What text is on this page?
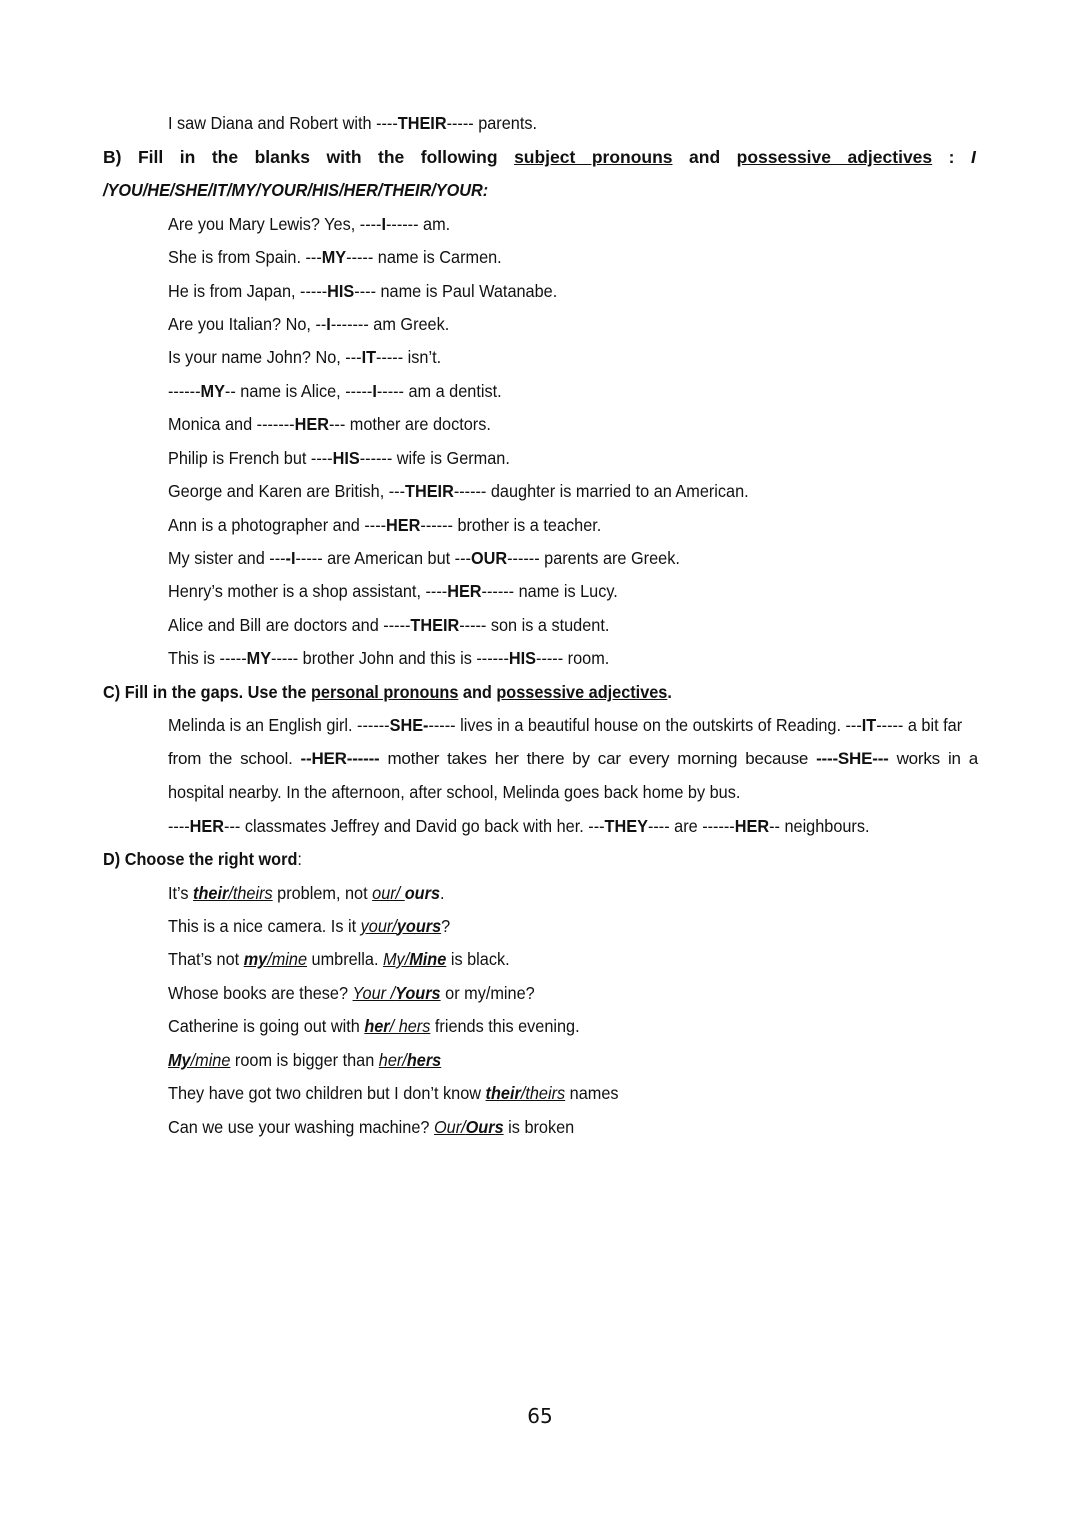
I saw Diana and Robert with ----THEIR----- parents.
B) Fill in the blanks with the following subject pronouns and possessive adjectives : I
/YOU/HE/SHE/IT/MY/YOUR/HIS/HER/THEIR/YOUR:
Are you Mary Lewis? Yes, ----I------ am.
She is from Spain. ---MY----- name is Carmen.
He is from Japan, -----HIS---- name is Paul Watanabe.
Are you Italian? No, --I------- am Greek.
Is your name John? No, ---IT----- isn’t.
------MY-- name is Alice, -----I----- am a dentist.
Monica and -------HER--- mother are doctors.
Philip is French but ----HIS------ wife is German.
George and Karen are British, ---THEIR------ daughter is married to an American.
Ann is a photographer and ----HER------ brother is a teacher.
My sister and ----I----- are American but ---OUR------ parents are Greek.
Henry’s mother is a shop assistant, ----HER------ name is Lucy.
Alice and Bill are doctors and -----THEIR----- son is a student.
This is -----MY----- brother John and this is ------HIS----- room.
C) Fill in the gaps. Use the personal pronouns and possessive adjectives.
Melinda is an English girl. ------SHE------ lives in a beautiful house on the outskirts of Reading. ---IT----- a bit far
from the school. --HER------ mother takes her there by car every morning because ----SHE--- works in a
hospital nearby. In the afternoon, after school, Melinda goes back home by bus.
----HER--- classmates Jeffrey and David go back with her. ---THEY---- are ------HER-- neighbours.
D) Choose the right word:
It’s their/theirs problem, not our/ ours.
This is a nice camera. Is it your/yours?
That’s not my/mine umbrella. My/Mine is black.
Whose books are these? Your /Yours or my/mine?
Catherine is going out with her/ hers friends this evening.
My/mine room is bigger than her/hers
They have got two children but I don’t know their/theirs names
Can we use your washing machine? Our/Ours is broken
65
